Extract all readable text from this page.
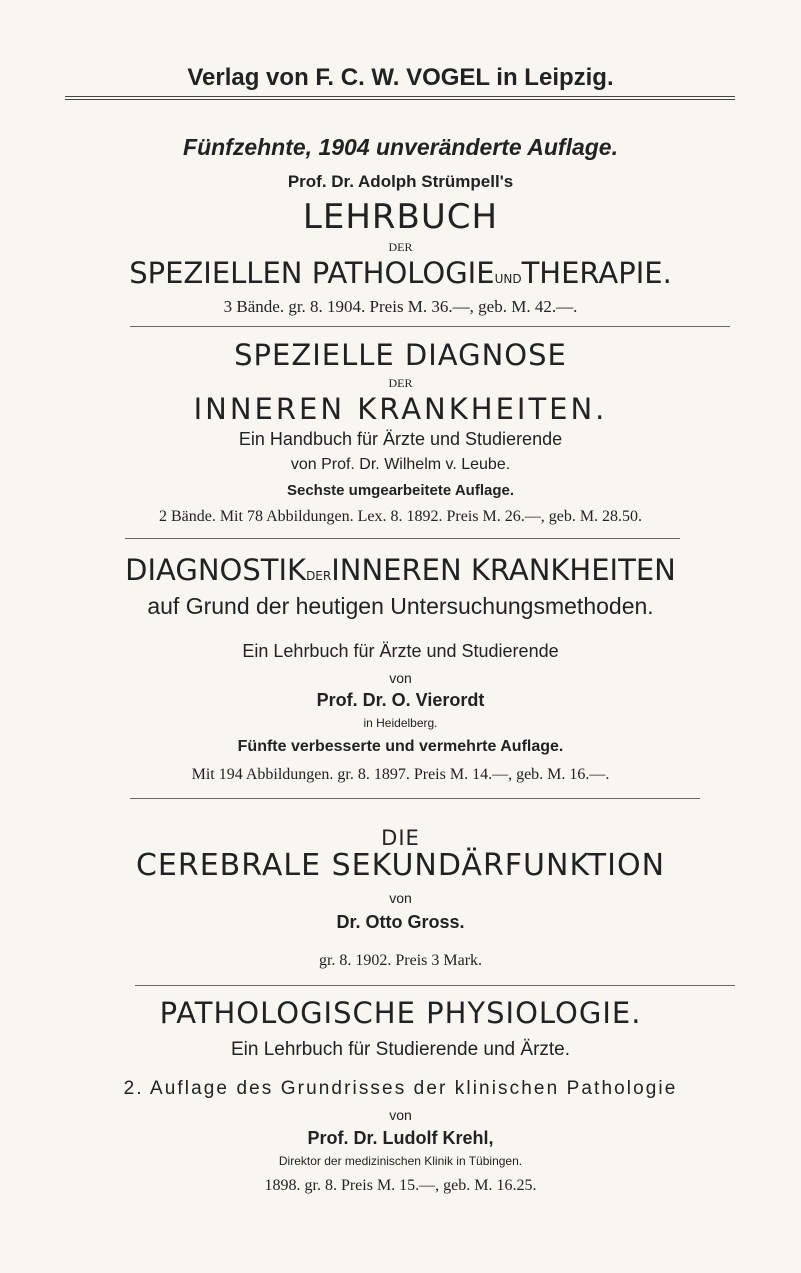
Verlag von F. C. W. VOGEL in Leipzig.
Fünfzehnte, 1904 unveränderte Auflage.
Prof. Dr. Adolph Strümpell's
LEHRBUCH
DER
SPEZIELLEN PATHOLOGIEUNDTHERAPIE.
3 Bände. gr. 8. 1904. Preis M. 36.—, geb. M. 42.—.
SPEZIELLE DIAGNOSE
DER
INNEREN KRANKHEITEN.
Ein Handbuch für Ärzte und Studierende
von Prof. Dr. Wilhelm v. Leube.
Sechste umgearbeitete Auflage.
2 Bände. Mit 78 Abbildungen. Lex. 8. 1892. Preis M. 26.—, geb. M. 28.50.
DIAGNOSTIKDERINNEREN KRANKHEITEN
auf Grund der heutigen Untersuchungsmethoden.
Ein Lehrbuch für Ärzte und Studierende
von
Prof. Dr. O. Vierordt
in Heidelberg.
Fünfte verbesserte und vermehrte Auflage.
Mit 194 Abbildungen. gr. 8. 1897. Preis M. 14.—, geb. M. 16.—.
DIE
CEREBRALE SEKUNDÄRFUNKTION
von
Dr. Otto Gross.
gr. 8. 1902. Preis 3 Mark.
PATHOLOGISCHE PHYSIOLOGIE.
Ein Lehrbuch für Studierende und Ärzte.
2. Auflage des Grundrisses der klinischen Pathologie
von
Prof. Dr. Ludolf Krehl,
Direktor der medizinischen Klinik in Tübingen.
1898. gr. 8. Preis M. 15.—, geb. M. 16.25.
